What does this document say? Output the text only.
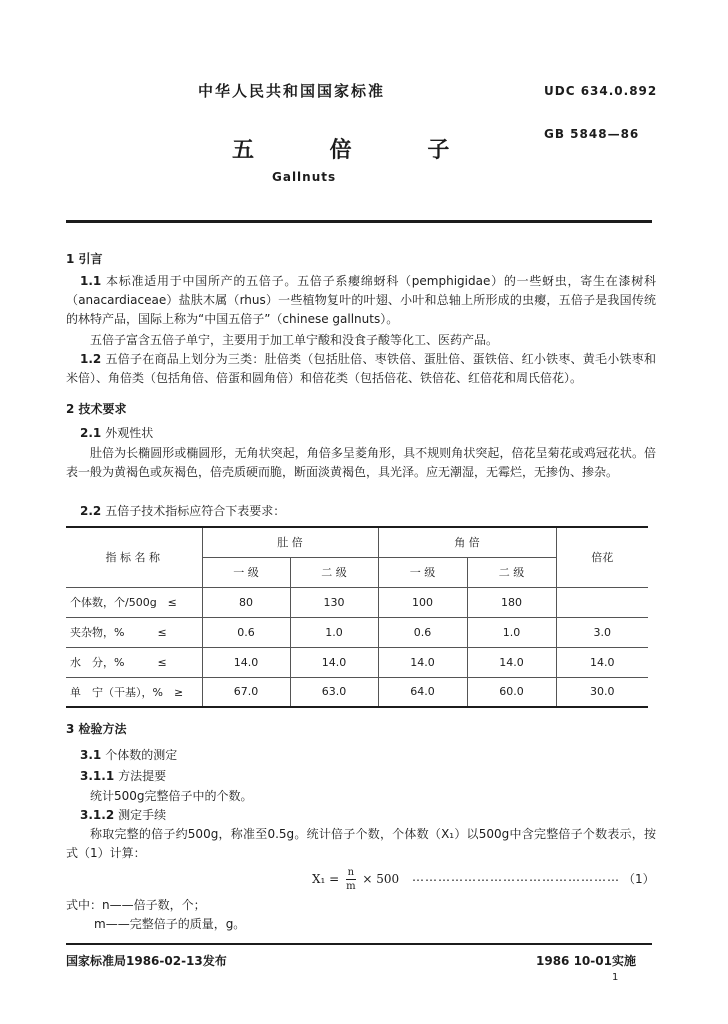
中华人民共和国国家标准	UDC 634.0.892
GB 5848—86
五 倍 子
Gallnuts
1 引言
1.1 本标准适用于中国所产的五倍子。五倍子系瘿绵蚜科（pemphigidae）的一些蚜虫，寄生在漆树科（anacardiaceae）盐肤木属（rhus）一些植物复叶的叶翅、小叶和总轴上所形成的虫瘿，五倍子是我国传统的林特产品，国际上称为“中国五倍子”（chinese gallnuts）。
五倍子富含五倍子单宁，主要用于加工单宁酸和没食子酸等化工、医药产品。
1.2 五倍子在商品上划分为三类：肚倍类（包括肚倍、枣铁倍、蛋肚倍、蛋铁倍、红小铁枣、黄毛小铁枣和米倍）、角倍类（包括角倍、倍蛋和圆角倍）和倍花类（包括倍花、铁倍花、红倍花和周氏倍花）。
2 技术要求
2.1 外观性状
肚倍为长椭圆形或椭圆形，无角状突起，角倍多呈菱角形，具不规则角状突起，倍花呈菊花或鸡冠花状。倍表一般为黄褐色或灰褐色，倍壳质硬而脆，断面淡黄褐色，具光泽。应无潮湿，无霉烂，无掺伪、掺杂。
2.2 五倍子技术指标应符合下表要求：
指 标 名 称	肚 倍		角 倍		倍花
	一 级	二 级	一 级	二 级	
个体数，个/500g　≤	80	130	100	180	
夹杂物，%　　　≤	0.6	1.0	0.6	1.0	3.0
水　分，%　　　≤	14.0	14.0	14.0	14.0	14.0
单　宁（干基），%　≥	67.0	63.0	64.0	60.0	30.0
3 检验方法
3.1 个体数的测定
3.1.1 方法提要
统计500g完整倍子中的个数。
3.1.2 测定手续
称取完整的倍子约500g，称准至0.5g。统计倍子个数，个体数（X₁）以500g中含完整倍子个数表示，按式（1）计算：
$X_1 = \frac{n}{m} \times 500$ ………………………………………… （1）
式中：n——倍子数，个；
m——完整倍子的质量，g。
国家标准局1986-02-13发布	1986 10-01实施
1
